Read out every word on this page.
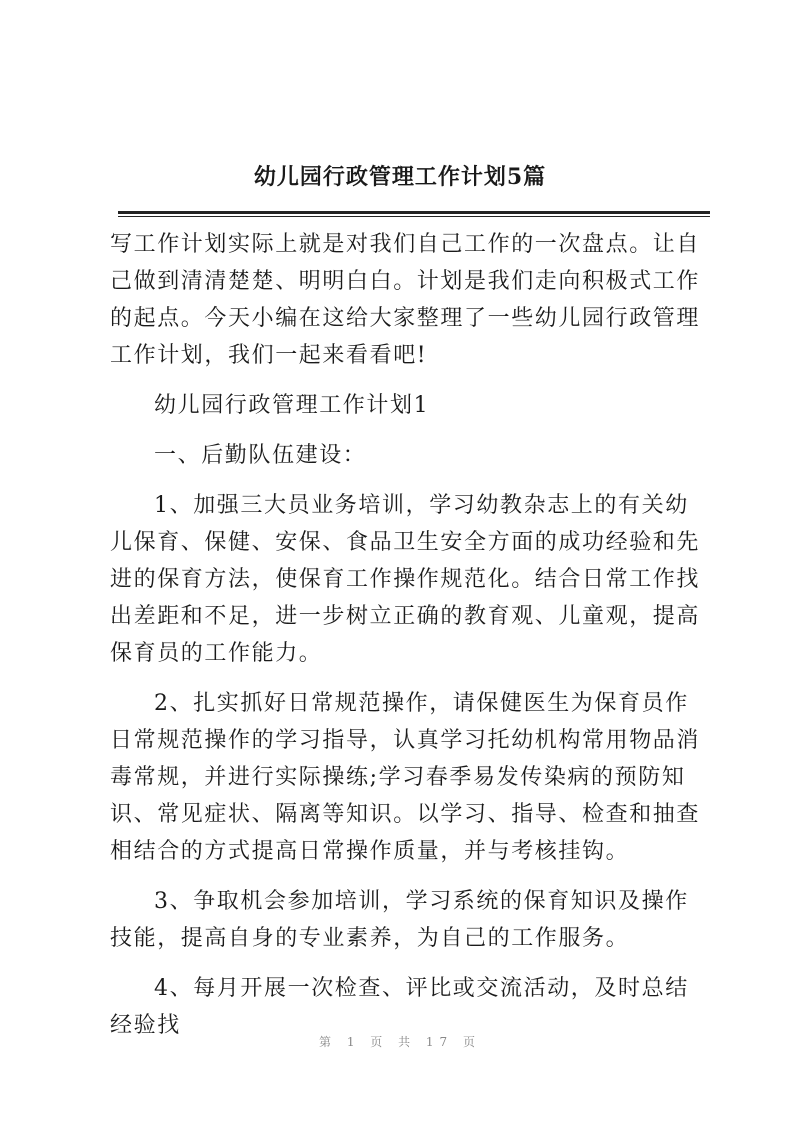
幼儿园行政管理工作计划5篇

写工作计划实际上就是对我们自己工作的一次盘点。让自己做到清清楚楚、明明白白。计划是我们走向积极式工作的起点。今天小编在这给大家整理了一些幼儿园行政管理工作计划，我们一起来看看吧!

幼儿园行政管理工作计划1

一、后勤队伍建设：

1、加强三大员业务培训，学习幼教杂志上的有关幼儿保育、保健、安保、食品卫生安全方面的成功经验和先进的保育方法，使保育工作操作规范化。结合日常工作找出差距和不足，进一步树立正确的教育观、儿童观，提高保育员的工作能力。

2、扎实抓好日常规范操作，请保健医生为保育员作日常规范操作的学习指导，认真学习托幼机构常用物品消毒常规，并进行实际操练;学习春季易发传染病的预防知识、常见症状、隔离等知识。以学习、指导、检查和抽查相结合的方式提高日常操作质量，并与考核挂钩。

3、争取机会参加培训，学习系统的保育知识及操作技能，提高自身的专业素养，为自己的工作服务。

4、每月开展一次检查、评比或交流活动，及时总结经验找

第 1 页 共 17 页
